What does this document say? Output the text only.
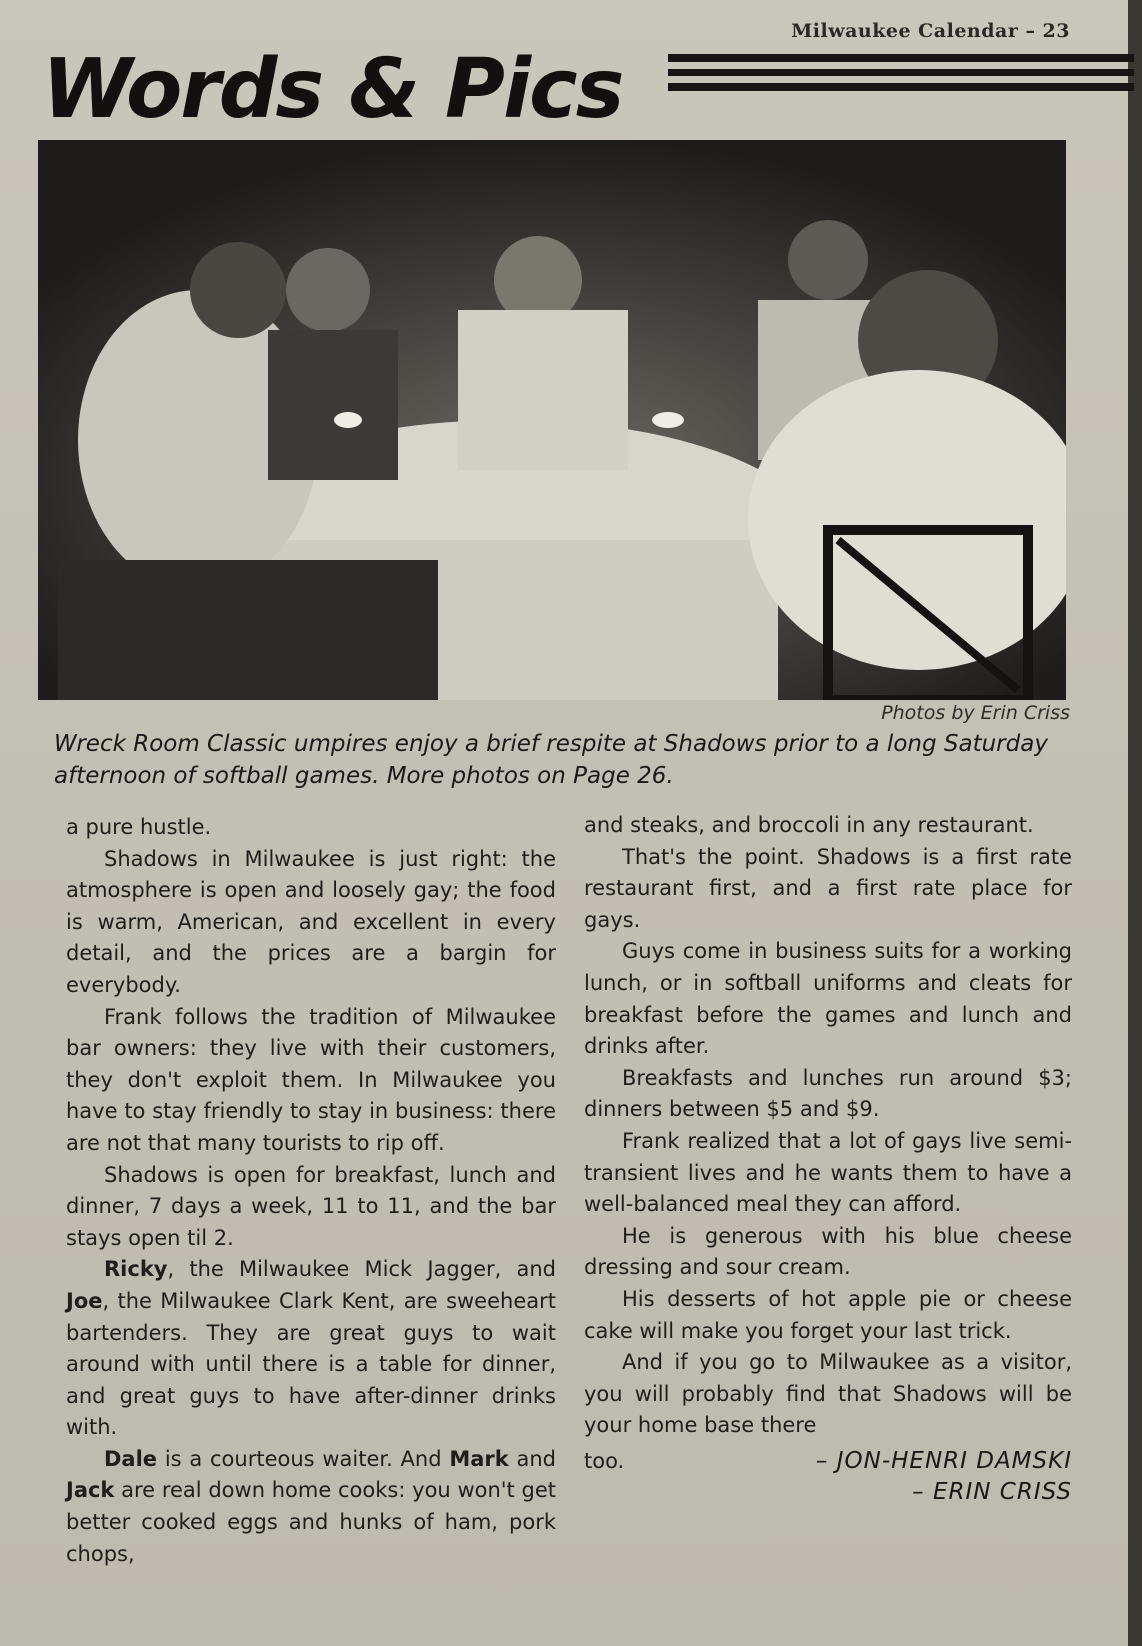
Milwaukee Calendar – 23
Words & Pics
Photos by Erin Criss
Wreck Room Classic umpires enjoy a brief respite at Shadows prior to a long Saturday afternoon of softball games. More photos on Page 26.

a pure hustle.

Shadows in Milwaukee is just right: the atmosphere is open and loosely gay; the food is warm, American, and excellent in every detail, and the prices are a bargin for everybody.

Frank follows the tradition of Milwaukee bar owners: they live with their customers, they don't exploit them. In Milwaukee you have to stay friendly to stay in business: there are not that many tourists to rip off.

Shadows is open for breakfast, lunch and dinner, 7 days a week, 11 to 11, and the bar stays open til 2.

Ricky, the Milwaukee Mick Jagger, and Joe, the Milwaukee Clark Kent, are sweeheart bartenders. They are great guys to wait around with until there is a table for dinner, and great guys to have after-dinner drinks with.

Dale is a courteous waiter. And Mark and Jack are real down home cooks: you won't get better cooked eggs and hunks of ham, pork chops,

and steaks, and broccoli in any restaurant.

That's the point. Shadows is a first rate restaurant first, and a first rate place for gays.

Guys come in business suits for a working lunch, or in softball uniforms and cleats for breakfast before the games and lunch and drinks after.

Breakfasts and lunches run around $3; dinners between $5 and $9.

Frank realized that a lot of gays live semi-transient lives and he wants them to have a well-balanced meal they can afford.

He is generous with his blue cheese dressing and sour cream.

His desserts of hot apple pie or cheese cake will make you forget your last trick.

And if you go to Milwaukee as a visitor, you will probably find that Shadows will be your home base there

too.	– JON-HENRI DAMSKI
– ERIN CRISS
